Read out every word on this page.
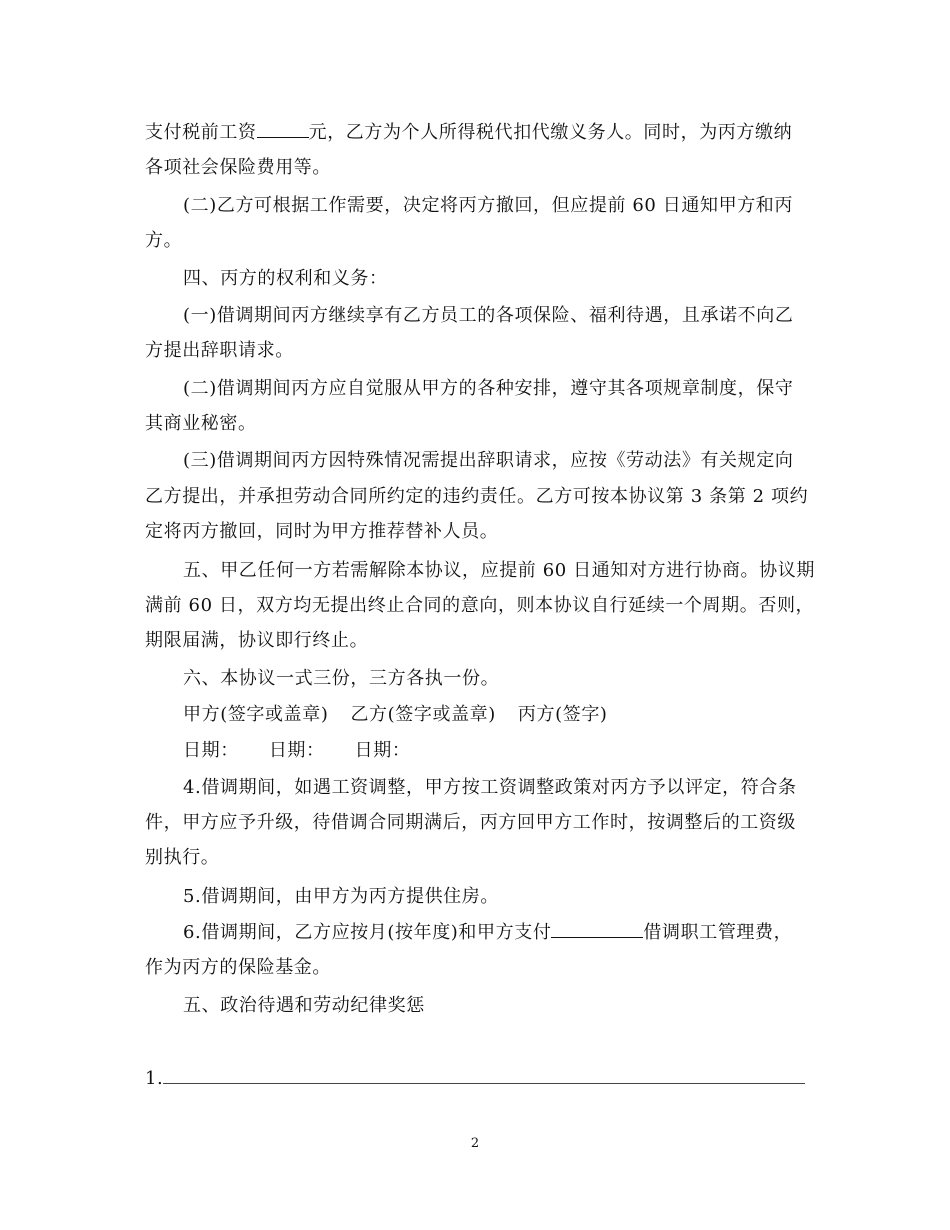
支付税前工资	元，乙方为个人所得税代扣代缴义务人。同时，为丙方缴纳
各项社会保险费用等。
(二)乙方可根据工作需要，决定将丙方撤回，但应提前 60 日通知甲方和丙
方。
四、丙方的权利和义务：
(一)借调期间丙方继续享有乙方员工的各项保险、福利待遇，且承诺不向乙
方提出辞职请求。
(二)借调期间丙方应自觉服从甲方的各种安排，遵守其各项规章制度，保守
其商业秘密。
(三)借调期间丙方因特殊情况需提出辞职请求，应按《劳动法》有关规定向
乙方提出，并承担劳动合同所约定的违约责任。乙方可按本协议第 3 条第 2 项约
定将丙方撤回，同时为甲方推荐替补人员。
五、甲乙任何一方若需解除本协议，应提前 60 日通知对方进行协商。协议期
满前 60 日，双方均无提出终止合同的意向，则本协议自行延续一个周期。否则，
期限届满，协议即行终止。
六、本协议一式三份，三方各执一份。
甲方(签字或盖章) 乙方(签字或盖章) 丙方(签字)
日期： 日期： 日期：
4.借调期间，如遇工资调整，甲方按工资调整政策对丙方予以评定，符合条
件，甲方应予升级，待借调合同期满后，丙方回甲方工作时，按调整后的工资级
别执行。
5.借调期间，由甲方为丙方提供住房。
6.借调期间，乙方应按月(按年度)和甲方支付	借调职工管理费，
作为丙方的保险基金。
五、政治待遇和劳动纪律奖惩
1.
2
